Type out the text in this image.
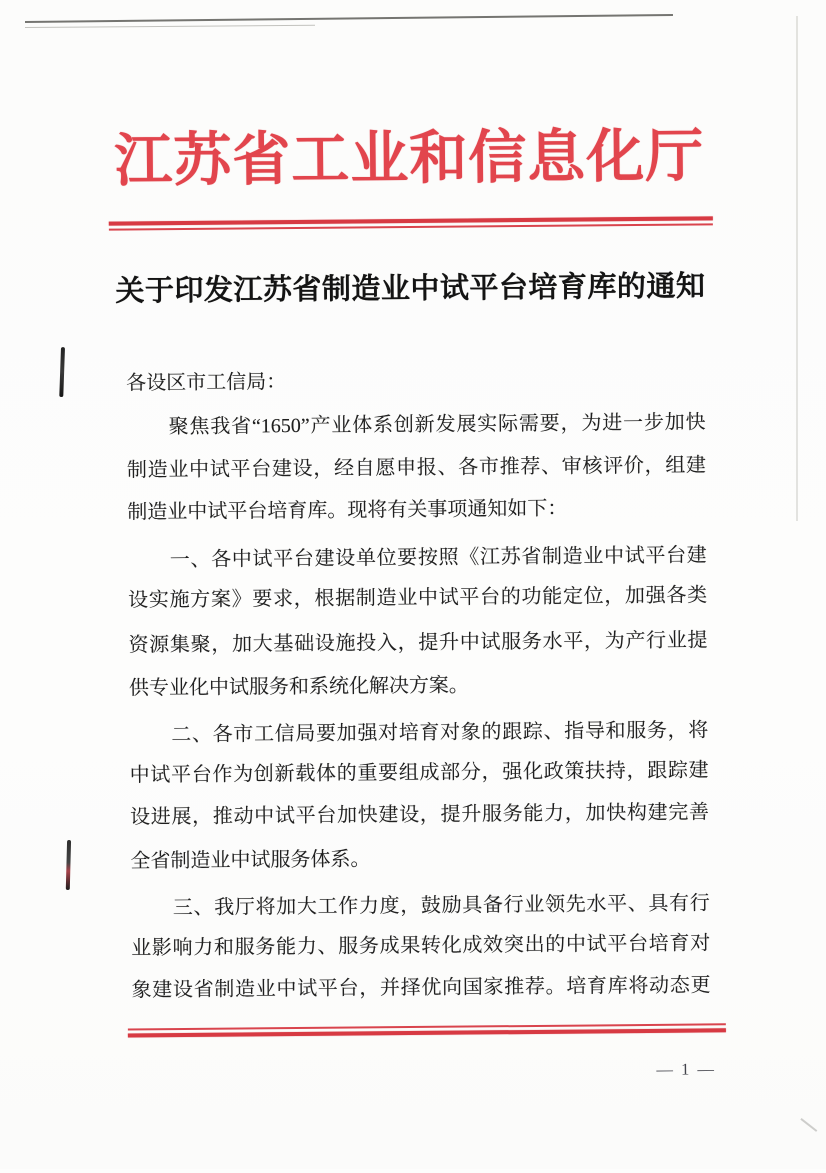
江苏省工业和信息化厅
关于印发江苏省制造业中试平台培育库的通知
各设区市工信局：
聚焦我省“1650”产业体系创新发展实际需要，为进一步加快
制造业中试平台建设，经自愿申报、各市推荐、审核评价，组建
制造业中试平台培育库。现将有关事项通知如下：
一、各中试平台建设单位要按照《江苏省制造业中试平台建
设实施方案》要求，根据制造业中试平台的功能定位，加强各类
资源集聚，加大基础设施投入，提升中试服务水平，为产行业提
供专业化中试服务和系统化解决方案。
二、各市工信局要加强对培育对象的跟踪、指导和服务，将
中试平台作为创新载体的重要组成部分，强化政策扶持，跟踪建
设进展，推动中试平台加快建设，提升服务能力，加快构建完善
全省制造业中试服务体系。
三、我厅将加大工作力度，鼓励具备行业领先水平、具有行
业影响力和服务能力、服务成果转化成效突出的中试平台培育对
象建设省制造业中试平台，并择优向国家推荐。培育库将动态更
— 1 —
